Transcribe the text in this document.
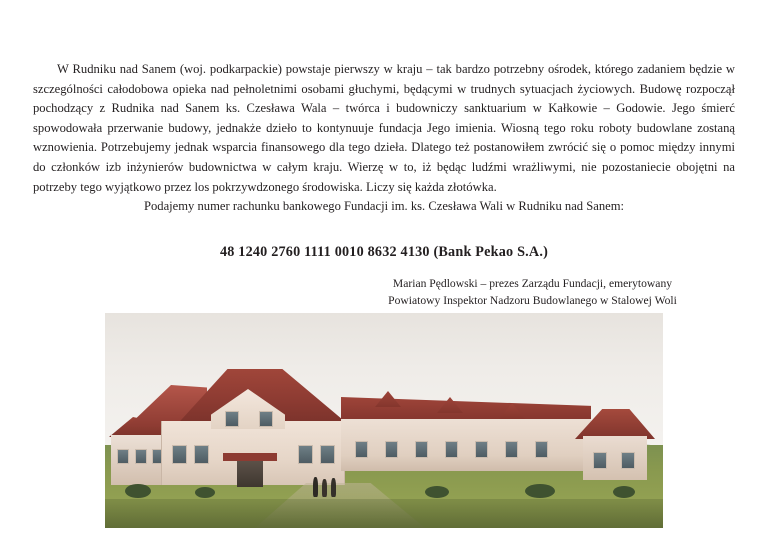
W Rudniku nad Sanem (woj. podkarpackie) powstaje pierwszy w kraju – tak bardzo potrzebny ośrodek, którego zadaniem będzie w szczególności całodobowa opieka nad pełnoletnimi osobami głuchymi, będącymi w trudnych sytuacjach życiowych. Budowę rozpoczął pochodzący z Rudnika nad Sanem ks. Czesława Wala – twórca i budowniczy sanktuarium w Kałkowie – Godowie. Jego śmierć spowodowała przerwanie budowy, jednakże dzieło to kontynuuje fundacja Jego imienia. Wiosną tego roku roboty budowlane zostaną wznowienia. Potrzebujemy jednak wsparcia finansowego dla tego dzieła. Dlatego też postanowiłem zwrócić się o pomoc między innymi do członków izb inżynierów budownictwa w całym kraju. Wierzę w to, iż będąc ludźmi wrażliwymi, nie pozostaniecie obojętni na potrzeby tego wyjątkowo przez los pokrzywdzonego środowiska. Liczy się każda złotówka.

Podajemy numer rachunku bankowego Fundacji im. ks. Czesława Wali w Rudniku nad Sanem:

48 1240 2760 1111 0010 8632 4130 (Bank Pekao S.A.)
Marian Pędlowski – prezes Zarządu Fundacji, emerytowany
Powiatowy Inspektor Nadzoru Budowlanego w Stalowej Woli
